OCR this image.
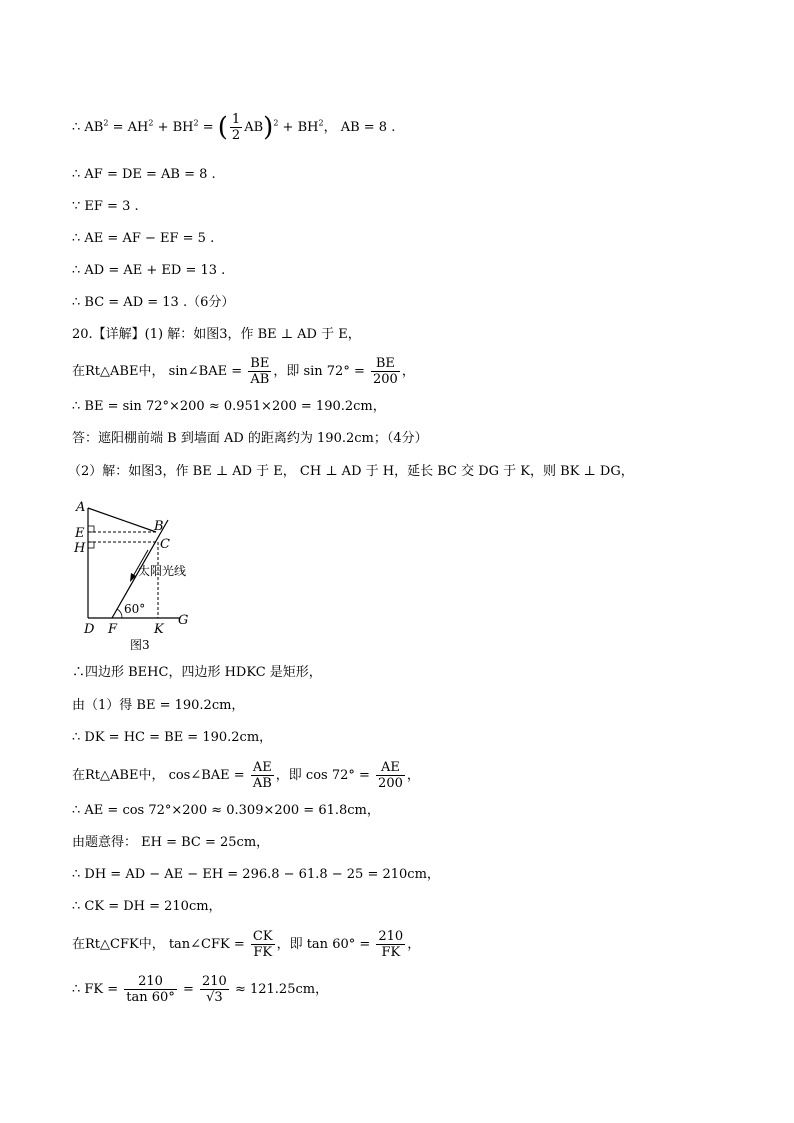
∴ $AB^2 = AH^2 + BH^2$ = ( $\frac{1}{2} AB)^2 + BH^2$， AB = 8 .
∴ AF = DE = AB = 8 .
∵ EF = 3 .
∴ AE = AF − EF = 5 .
∴ AD = AE + ED = 13 .
∴ BC = AD = 13 .（6分）
20.【详解】(1) 解：如图3，作 BE ⊥ AD 于 E，
在Rt△ABE中， sin∠BAE = $\frac{BE}{AB}$ ，即 $\sin 72^\circ = \frac{BE}{200}$ ，
∴ BE = sin 72°×200 ≈ 0.951×200 = 190.2cm，
答：遮阳棚前端 B 到墙面 AD 的距离约为 190.2cm；（4分）
（2）解：如图3，作 BE ⊥ AD 于 E， CH ⊥ AD 于 H，延长 BC 交 DG 于 K，则 BK ⊥ DG，
A
B
C
D
E
F
G
H
K
太阳光线
60°
图3
∴四边形 BEHC，四边形 HDKC 是矩形，
由（1）得 BE = 190.2cm，
∴ DK = HC = BE = 190.2cm，
在Rt△ABE中， cos∠BAE = $\frac{AE}{AB}$ ，即 $\cos 72^\circ = \frac{AE}{200}$ ，
∴ AE = cos 72°×200 ≈ 0.309×200 = 61.8cm，
由题意得： EH = BC = 25cm，
∴ DH = AD − AE − EH = 296.8 − 61.8 − 25 = 210cm，
∴ CK = DH = 210cm，
在Rt△CFK中， tan∠CFK = $\frac{CK}{FK}$ ，即 $\tan 60^\circ = \frac{210}{FK}$ ，
∴ FK = $\frac{210}{\tan 60^\circ} = \frac{210}{√3} \approx 121.25cm$，
